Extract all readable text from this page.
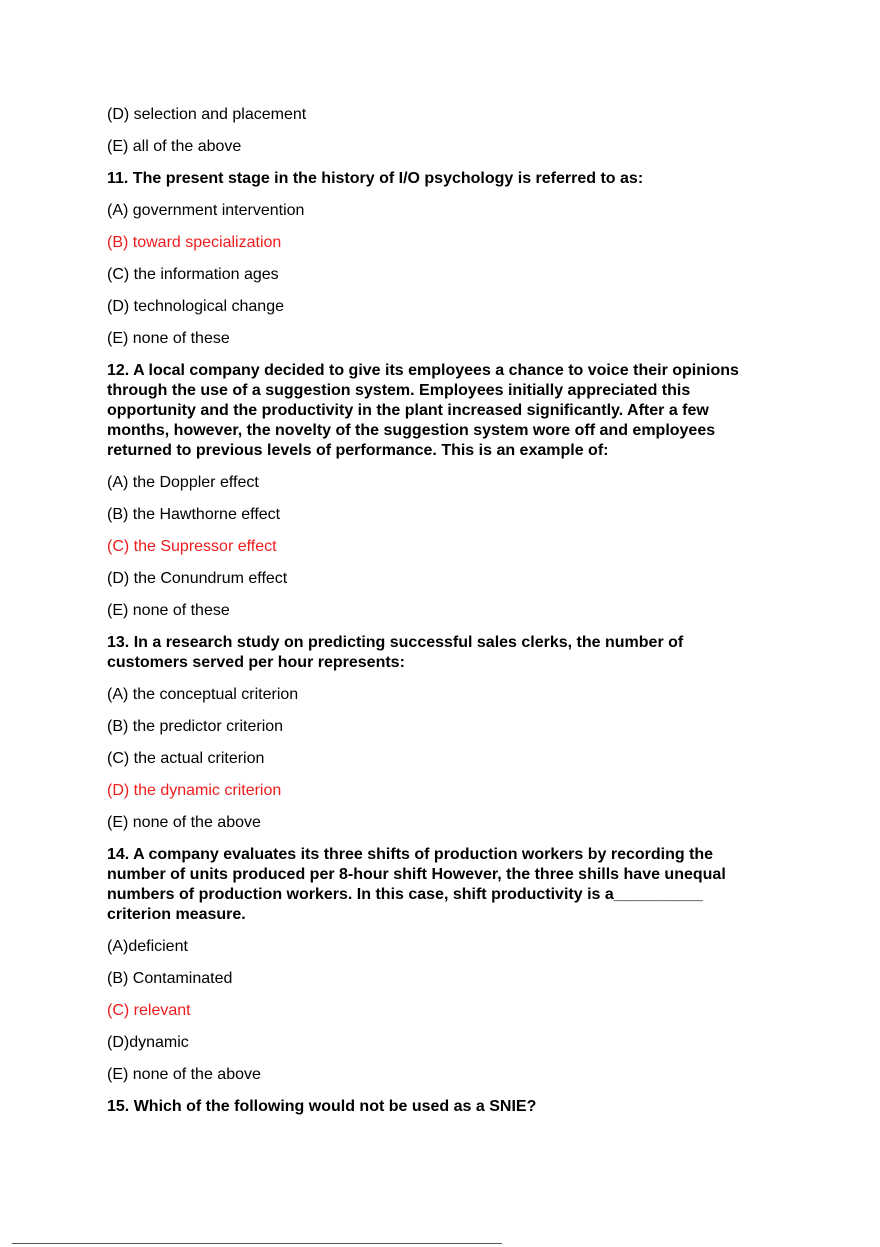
(D) selection and placement

(E) all of the above

11. The present stage in the history of I/O psychology is referred to as:

(A) government intervention

(B) toward specialization

(C) the information ages

(D) technological change

(E) none of these

12. A local company decided to give its employees a chance to voice their opinions through the use of a suggestion system. Employees initially appreciated this opportunity and the productivity in the plant increased significantly. After a few months, however, the novelty of the suggestion system wore off and employees returned to previous levels of performance. This is an example of:

(A) the Doppler effect

(B) the Hawthorne effect

(C) the Supressor effect

(D) the Conundrum effect

(E) none of these

13. In a research study on predicting successful sales clerks, the number of customers served per hour represents:

(A) the conceptual criterion

(B) the predictor criterion

(C) the actual criterion

(D) the dynamic criterion

(E) none of the above

14. A company evaluates its three shifts of production workers by recording the number of units produced per 8-hour shift However, the three shills have unequal numbers of production workers. In this case, shift productivity is a__________ criterion measure.

(A)deficient

(B) Contaminated

(C) relevant

(D)dynamic

(E) none of the above

15. Which of the following would not be used as a SNIE?
